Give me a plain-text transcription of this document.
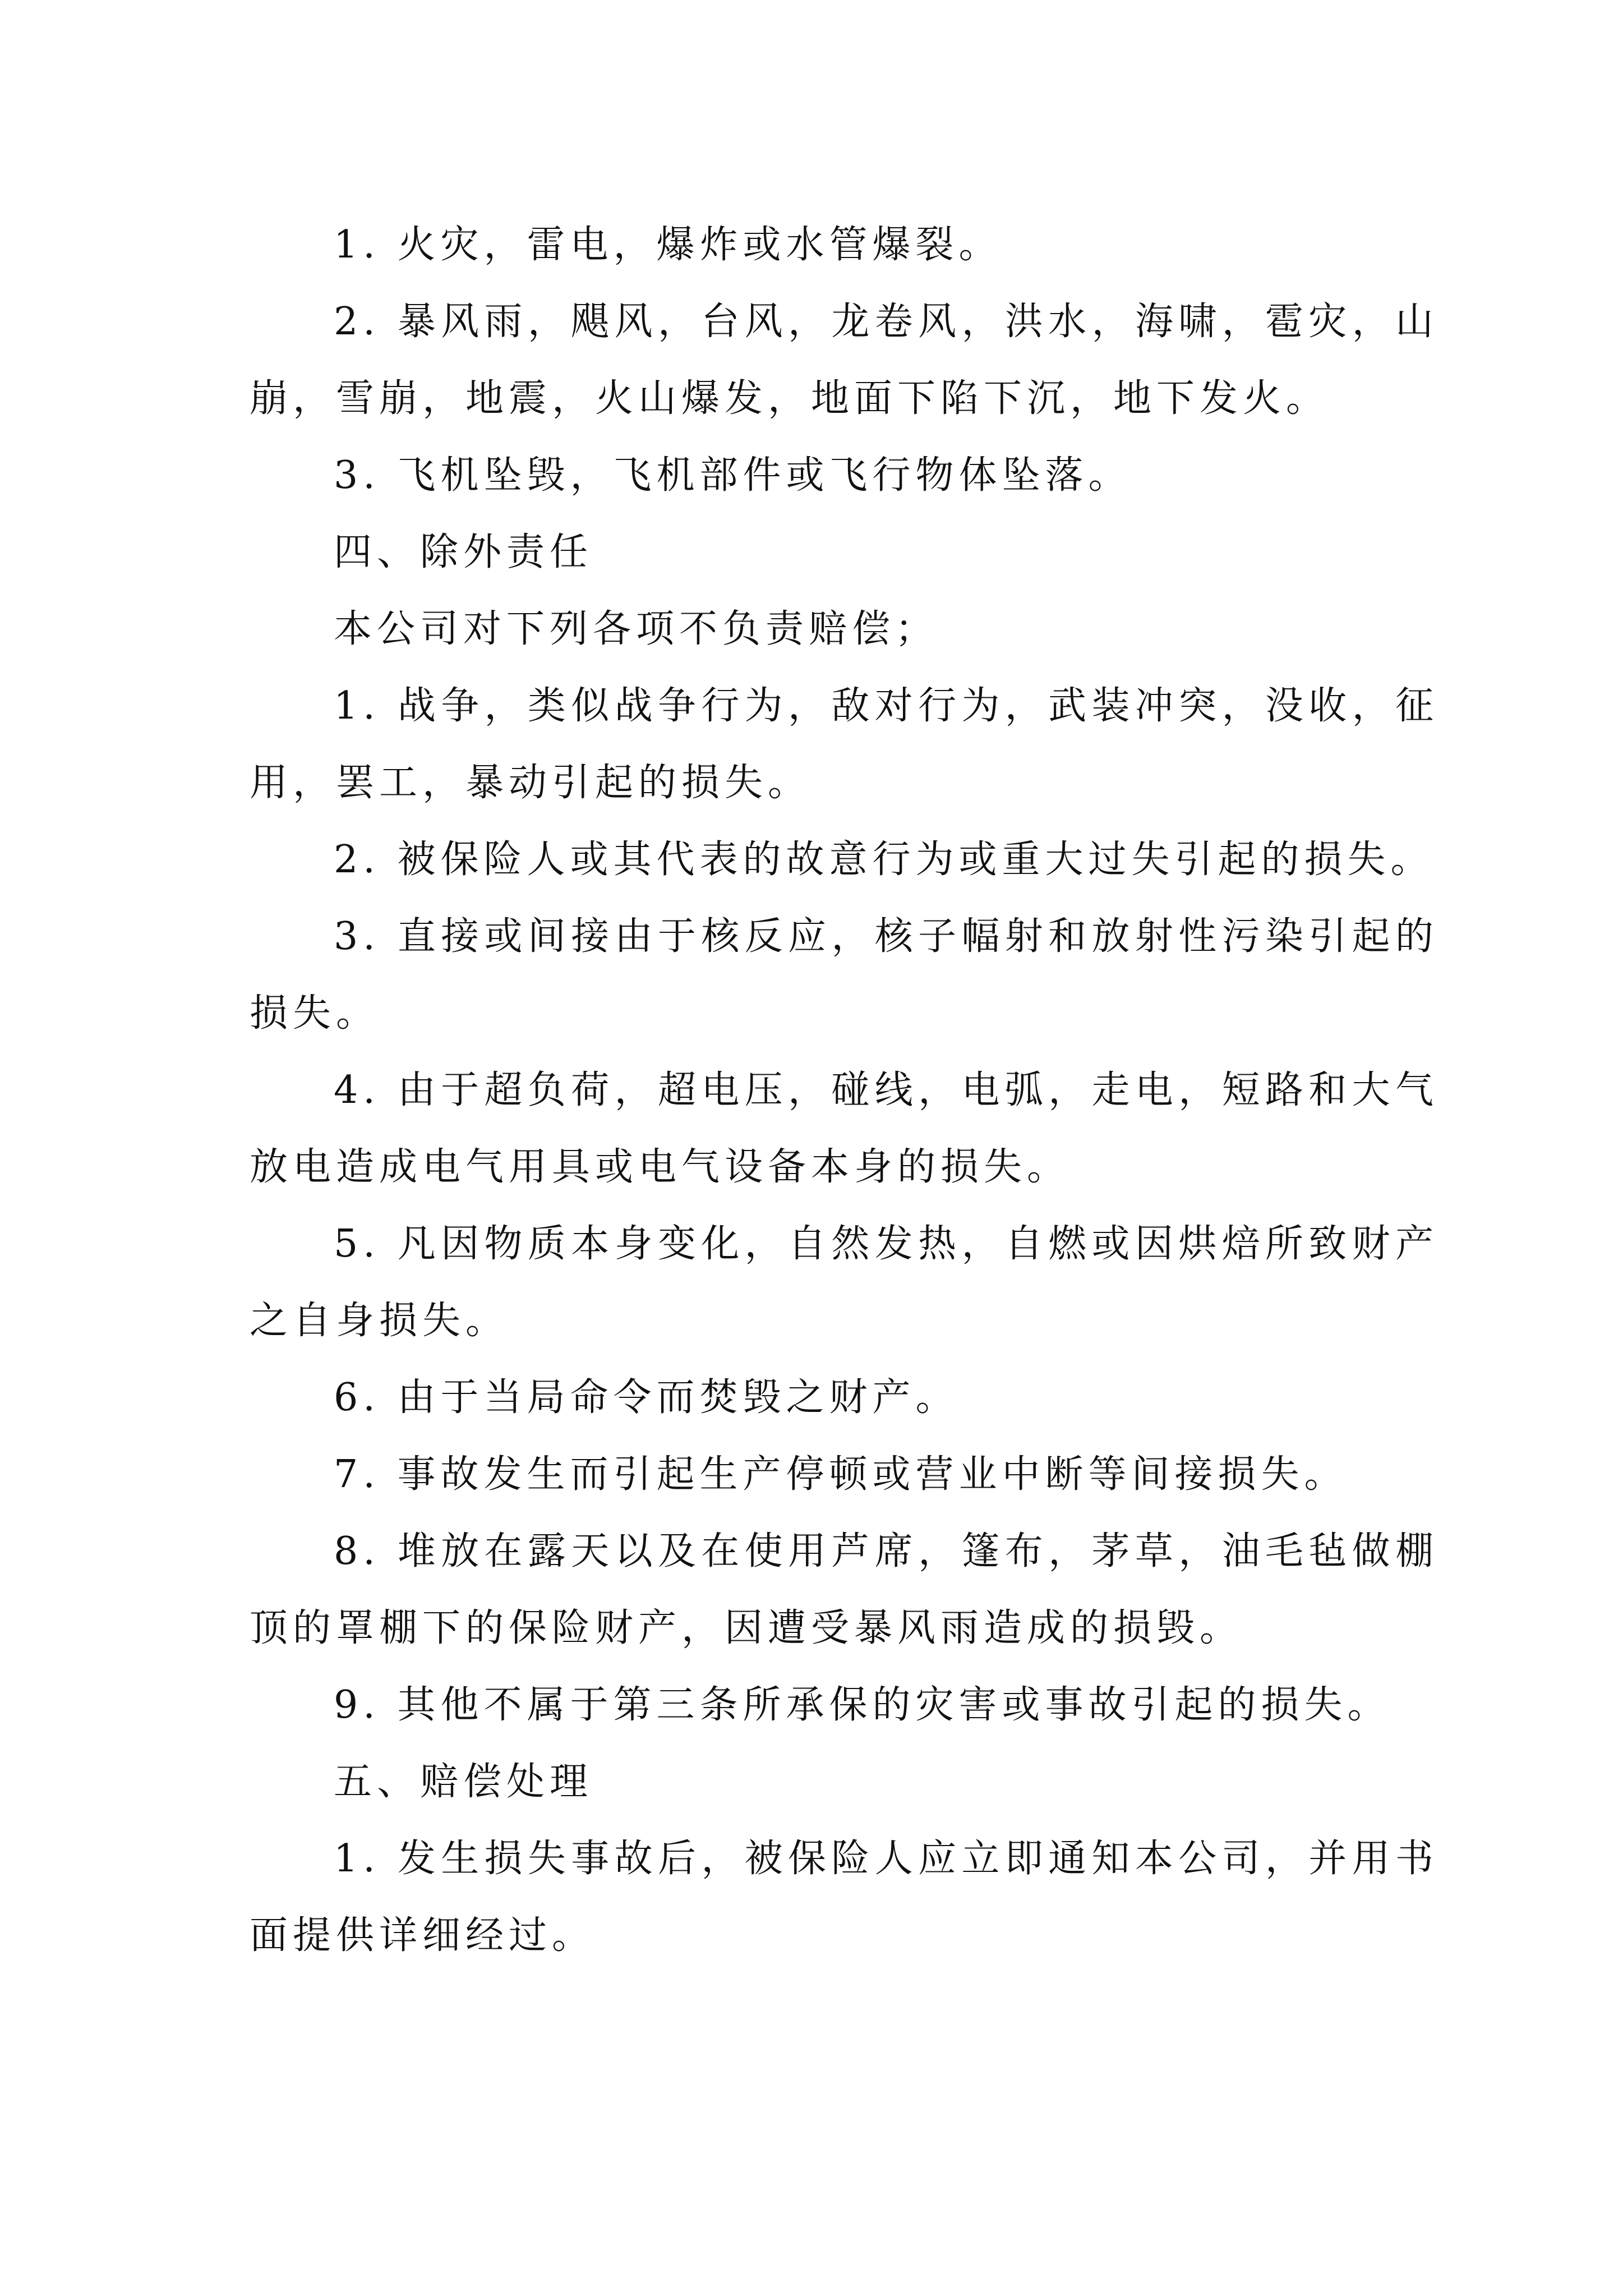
1. 火灾，雷电，爆炸或水管爆裂。

2. 暴风雨，飓风，台风，龙卷风，洪水，海啸，雹灾，山崩，雪崩，地震，火山爆发，地面下陷下沉，地下发火。

3. 飞机坠毁，飞机部件或飞行物体坠落。

四、除外责任

本公司对下列各项不负责赔偿；

1. 战争，类似战争行为，敌对行为，武装冲突，没收，征用，罢工，暴动引起的损失。

2. 被保险人或其代表的故意行为或重大过失引起的损失。

3. 直接或间接由于核反应，核子幅射和放射性污染引起的损失。

4. 由于超负荷，超电压，碰线，电弧，走电，短路和大气放电造成电气用具或电气设备本身的损失。

5. 凡因物质本身变化，自然发热，自燃或因烘焙所致财产之自身损失。

6. 由于当局命令而焚毁之财产。

7. 事故发生而引起生产停顿或营业中断等间接损失。

8. 堆放在露天以及在使用芦席，篷布，茅草，油毛毡做棚顶的罩棚下的保险财产，因遭受暴风雨造成的损毁。

9. 其他不属于第三条所承保的灾害或事故引起的损失。

五、赔偿处理

1. 发生损失事故后，被保险人应立即通知本公司，并用书面提供详细经过。
